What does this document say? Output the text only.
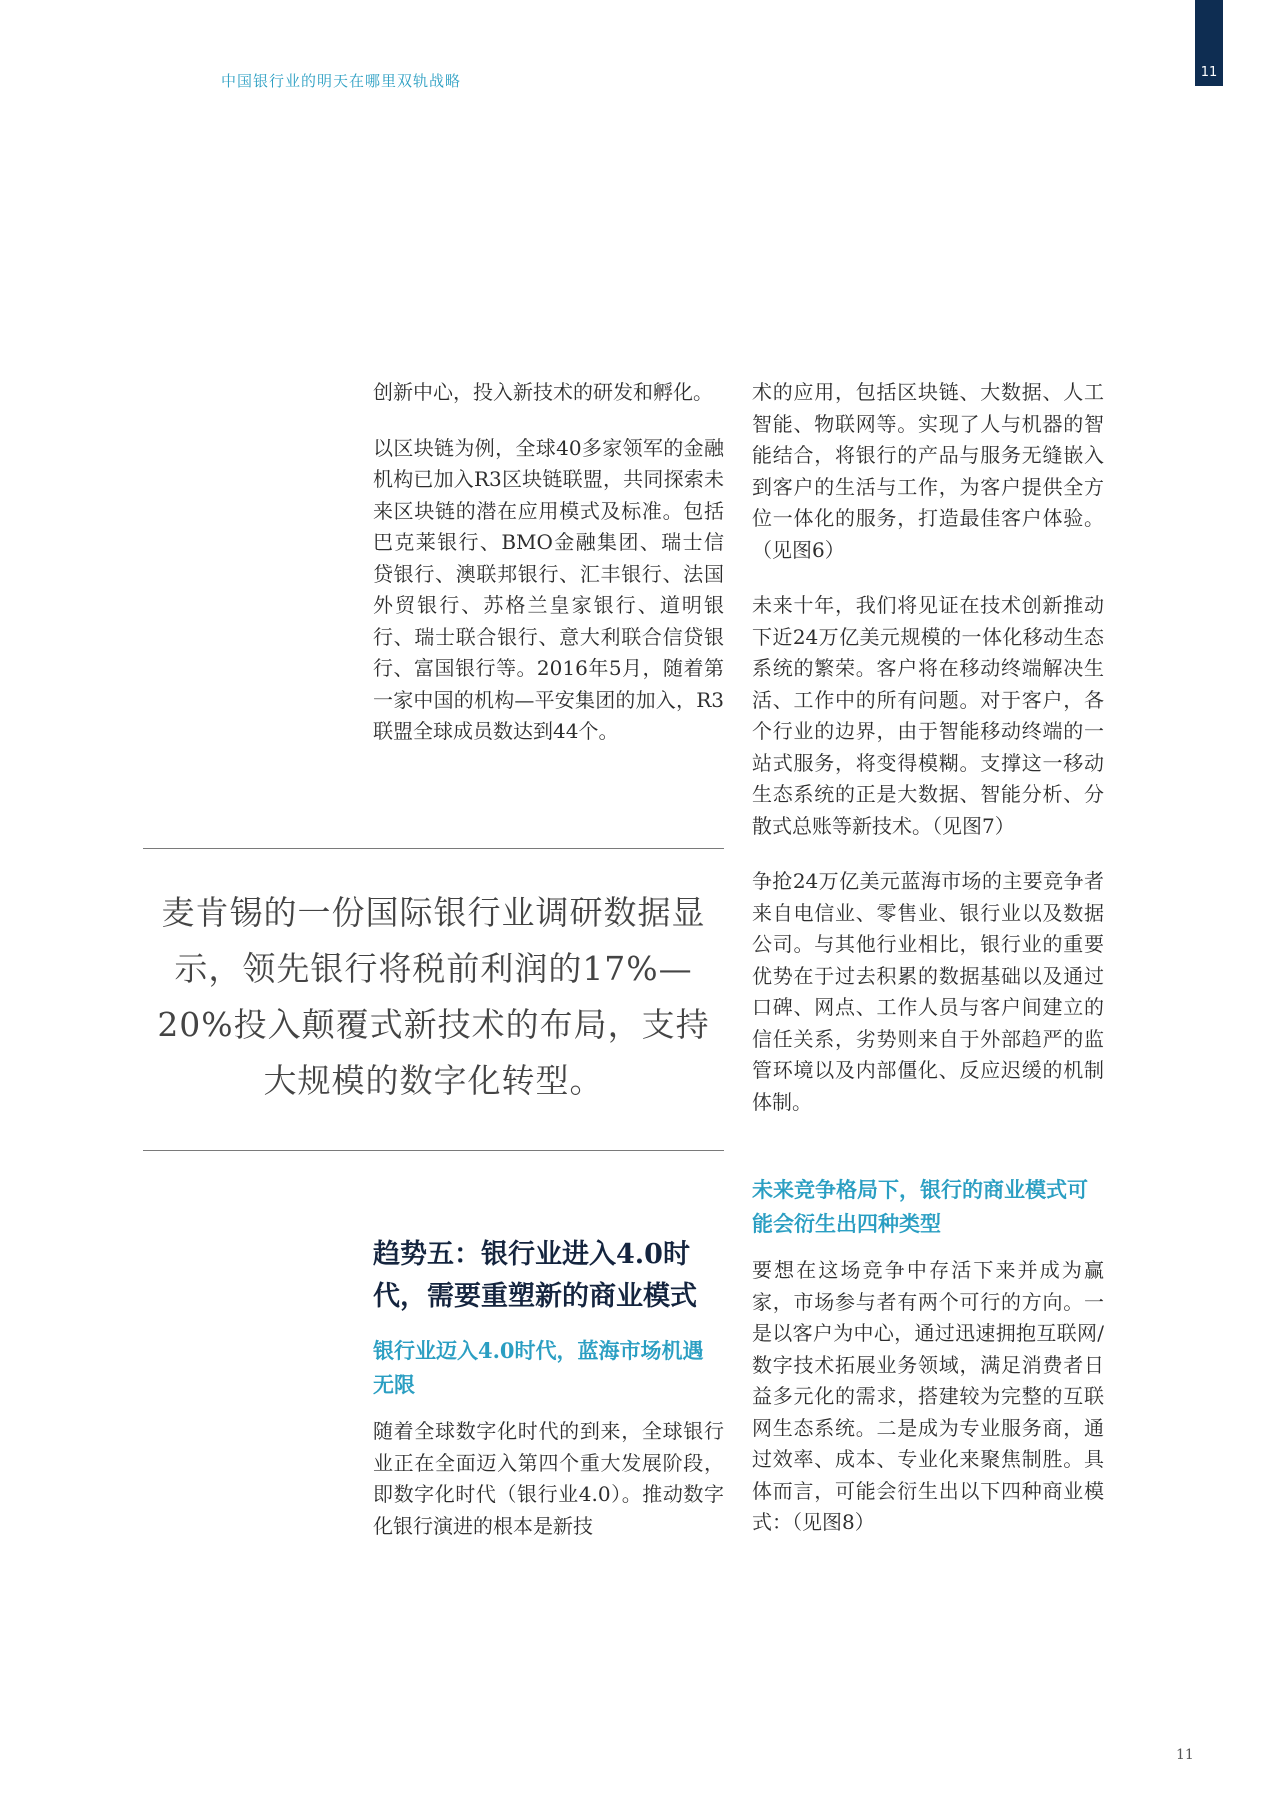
中国银行业的明天在哪里双轨战略	11

创新中心，投入新技术的研发和孵化。

以区块链为例，全球40多家领军的金融机构已加入R3区块链联盟，共同探索未来区块链的潜在应用模式及标准。包括巴克莱银行、BMO金融集团、瑞士信贷银行、澳联邦银行、汇丰银行、法国外贸银行、苏格兰皇家银行、道明银行、瑞士联合银行、意大利联合信贷银行、富国银行等。2016年5月，随着第一家中国的机构—平安集团的加入，R3联盟全球成员数达到44个。

麦肯锡的一份国际银行业调研数据显示，领先银行将税前利润的17%—20%投入颠覆式新技术的布局，支持大规模的数字化转型。
趋势五：银行业进入4.0时代，需要重塑新的商业模式
银行业迈入4.0时代，蓝海市场机遇无限

随着全球数字化时代的到来，全球银行业正在全面迈入第四个重大发展阶段，即数字化时代（银行业4.0）。推动数字化银行演进的根本是新技

术的应用，包括区块链、大数据、人工智能、物联网等。实现了人与机器的智能结合，将银行的产品与服务无缝嵌入到客户的生活与工作，为客户提供全方位一体化的服务，打造最佳客户体验。（见图6）

未来十年，我们将见证在技术创新推动下近24万亿美元规模的一体化移动生态系统的繁荣。客户将在移动终端解决生活、工作中的所有问题。对于客户，各个行业的边界，由于智能移动终端的一站式服务，将变得模糊。支撑这一移动生态系统的正是大数据、智能分析、分散式总账等新技术。（见图7）

争抢24万亿美元蓝海市场的主要竞争者来自电信业、零售业、银行业以及数据公司。与其他行业相比，银行业的重要优势在于过去积累的数据基础以及通过口碑、网点、工作人员与客户间建立的信任关系，劣势则来自于外部趋严的监管环境以及内部僵化、反应迟缓的机制体制。

未来竞争格局下，银行的商业模式可能会衍生出四种类型

要想在这场竞争中存活下来并成为赢家，市场参与者有两个可行的方向。一是以客户为中心，通过迅速拥抱互联网/数字技术拓展业务领域，满足消费者日益多元化的需求，搭建较为完整的互联网生态系统。二是成为专业服务商，通过效率、成本、专业化来聚焦制胜。具体而言，可能会衍生出以下四种商业模式：（见图8）

11
